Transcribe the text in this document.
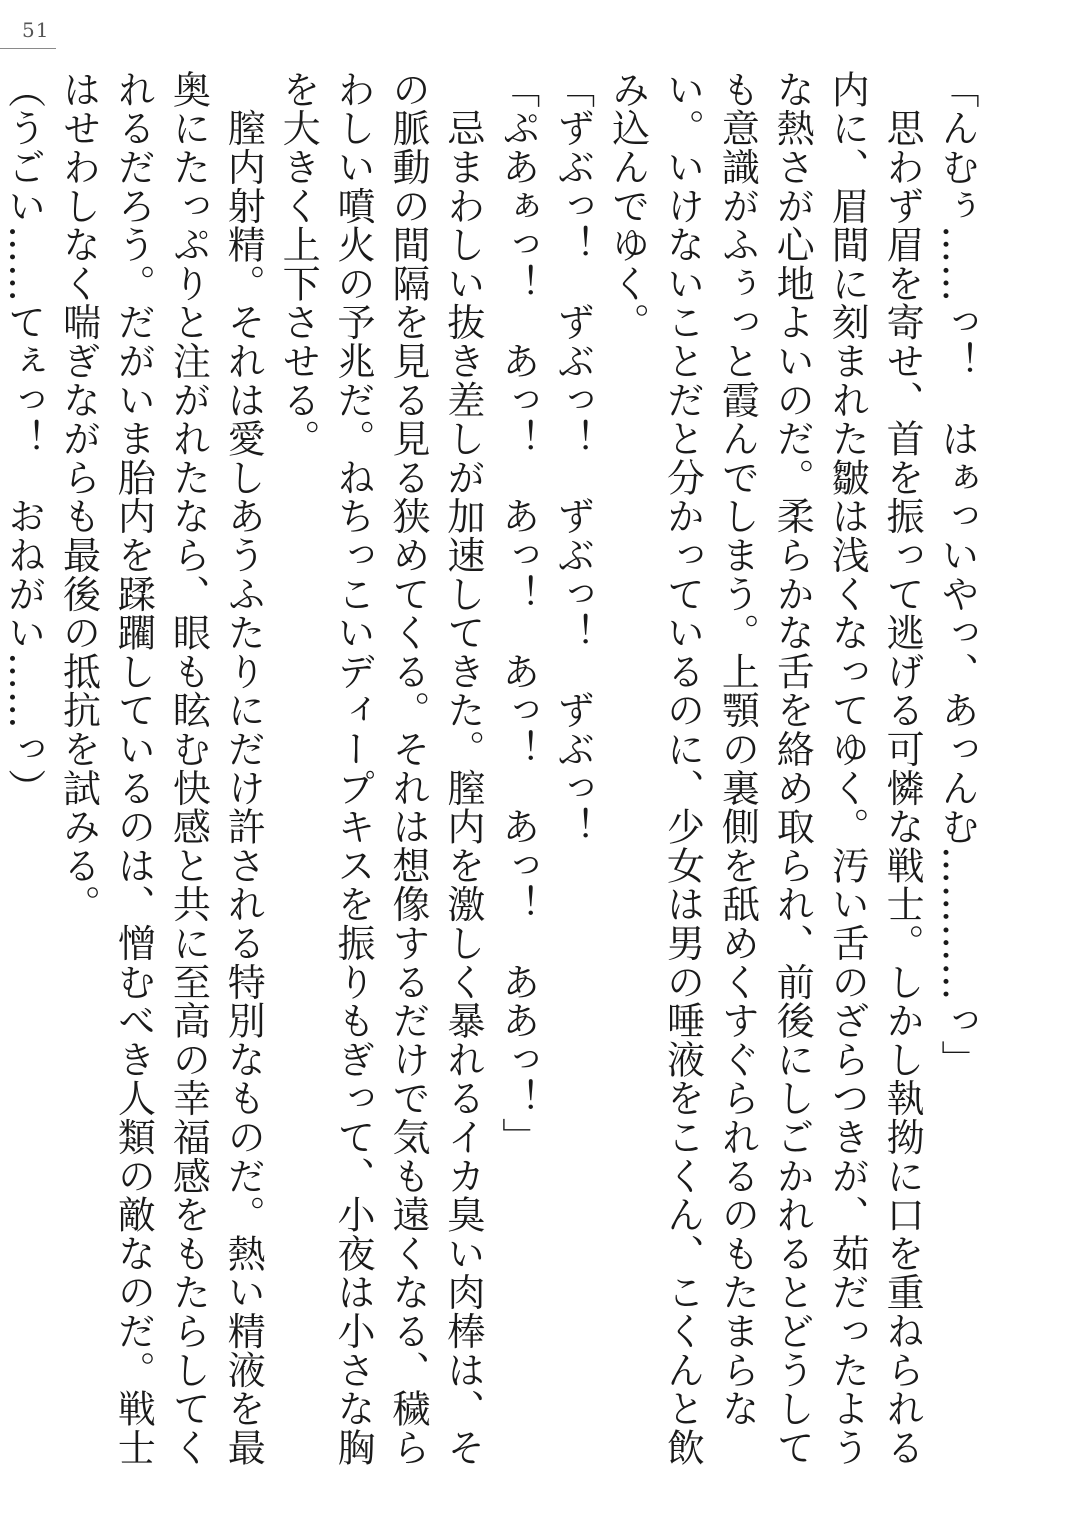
51

「んむぅ……っ！　はぁっいやっ、あっんむ…………っ」

　思わず眉を寄せ、首を振って逃げる可憐な戦士。しかし執拗に口を重ねられる内に、眉間に刻まれた皺は浅くなってゆく。汚い舌のざらつきが、茹だったような熱さが心地よいのだ。柔らかな舌を絡め取られ、前後にしごかれるとどうしても意識がふぅっと霞んでしまう。上顎の裏側を舐めくすぐられるのもたまらない。いけないことだと分かっているのに、少女は男の唾液をこくん、こくんと飲み込んでゆく。

「ずぶっ！　ずぶっ！　ずぶっ！　ずぶっ！

「ぷあぁっ！　あっ！　あっ！　あっ！　あっ！　ああっ！」

　忌まわしい抜き差しが加速してきた。膣内を激しく暴れるイカ臭い肉棒は、その脈動の間隔を見る見る狭めてくる。それは想像するだけで気も遠くなる、穢らわしい噴火の予兆だ。ねちっこいディープキスを振りもぎって、小夜は小さな胸を大きく上下させる。

　膣内射精。それは愛しあうふたりにだけ許される特別なものだ。熱い精液を最奥にたっぷりと注がれたなら、眼も眩む快感と共に至高の幸福感をもたらしてくれるだろう。だがいま胎内を蹂躙しているのは、憎むべき人類の敵なのだ。戦士はせわしなく喘ぎながらも最後の抵抗を試みる。

（うごい……てぇっ！　おねがい……っ）
